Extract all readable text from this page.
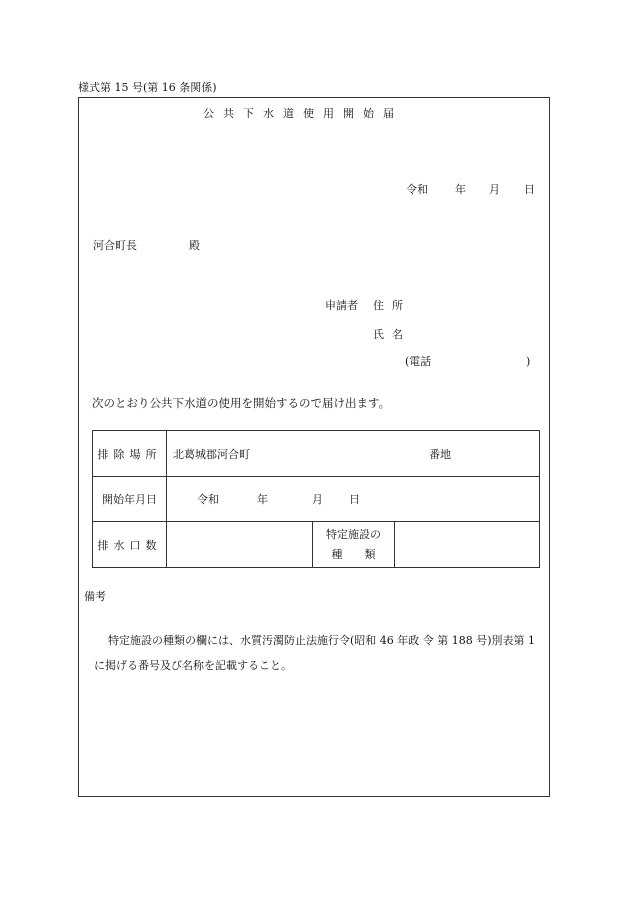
様式第 15 号(第 16 条関係)
公共下水道使用開始届
令和 年 月 日
河合町長	殿
申請者 住所
氏名
(電話	)
次のとおり公共下水道の使用を開始するので届け出ます。
排除場所	北葛城郡河合町 番地		

開始年月日	令和 年 月 日		

排水口数		特定施設の
種　　類	

備考
特定施設の種類の欄には、水質汚濁防止法施行令(昭和 46 年政 令 第 188 号)別表第 1
に掲げる番号及び名称を記載すること。
